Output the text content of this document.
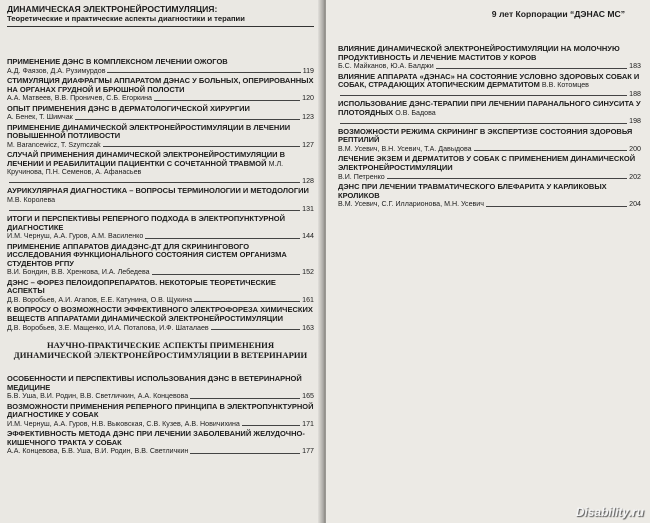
ДИНАМИЧЕСКАЯ ЭЛЕКТРОНЕЙРОСТИМУЛЯЦИЯ:
Теоретические и практические аспекты диагностики и терапии
ПРИМЕНЕНИЕ ДЭНС В КОМПЛЕКСНОМ ЛЕЧЕНИИ ОЖОГОВ
А.Д. Фаязов, Д.А. Рузимурдов	119
СТИМУЛЯЦИЯ ДИАФРАГМЫ АППАРАТОМ ДЭНАС У БОЛЬНЫХ, ОПЕРИРОВАННЫХ НА ОРГАНАХ ГРУДНОЙ И БРЮШНОЙ ПОЛОСТИ
А.А. Матвеев, В.В. Проничев, С.Б. Егоркина	120
ОПЫТ ПРИМЕНЕНИЯ ДЭНС В ДЕРМАТОЛОГИЧЕСКОЙ ХИРУРГИИ
А. Бенек, Т. Шимчак	123
ПРИМЕНЕНИЕ ДИНАМИЧЕСКОЙ ЭЛЕКТРОНЕЙРОСТИМУЛЯЦИИ В ЛЕЧЕНИИ ПОВЫШЕННОЙ ПОТЛИВОСТИ
M. Barancewicz, T. Szymczak	127
СЛУЧАЙ ПРИМЕНЕНИЯ ДИНАМИЧЕСКОЙ ЭЛЕКТРОНЕЙРОСТИМУЛЯЦИИ В ЛЕЧЕНИИ И РЕАБИЛИТАЦИИ ПАЦИЕНТКИ С СОЧЕТАННОЙ ТРАВМОЙ М.Л. Кручинова, П.Н. Семенов, А. Афанасьев
128
АУРИКУЛЯРНАЯ ДИАГНОСТИКА – ВОПРОСЫ ТЕРМИНОЛОГИИ И МЕТОДОЛОГИИ М.В. Королева
131
ИТОГИ И ПЕРСПЕКТИВЫ РЕПЕРНОГО ПОДХОДА В ЭЛЕКТРОПУНКТУРНОЙ ДИАГНОСТИКЕ
И.М. Чернуш, А.А. Гуров, А.М. Василенко	144
ПРИМЕНЕНИЕ АППАРАТОВ ДИАДЭНС-ДТ ДЛЯ СКРИНИНГОВОГО ИССЛЕДОВАНИЯ ФУНКЦИОНАЛЬНОГО СОСТОЯНИЯ СИСТЕМ ОРГАНИЗМА СТУДЕНТОВ РГПУ
В.И. Бондин, В.В. Хренкова, И.А. Лебедева	152
ДЭНС – ФОРЕЗ ПЕЛОИДОПРЕПАРАТОВ. НЕКОТОРЫЕ ТЕОРЕТИЧЕСКИЕ АСПЕКТЫ
Д.В. Воробьев, А.И. Агапов, Е.Е. Катунина, О.В. Щукина	161
К ВОПРОСУ О ВОЗМОЖНОСТИ ЭФФЕКТИВНОГО ЭЛЕКТРОФОРЕЗА ХИМИЧЕСКИХ ВЕЩЕСТВ АППАРАТАМИ ДИНАМИЧЕСКОЙ ЭЛЕКТРОНЕЙРОСТИМУЛЯЦИИ
Д.В. Воробьев, З.Е. Мащенко, И.А. Потапова, И.Ф. Шаталаев	163
НАУЧНО-ПРАКТИЧЕСКИЕ АСПЕКТЫ ПРИМЕНЕНИЯ ДИНАМИЧЕСКОЙ ЭЛЕКТРОНЕЙРОСТИМУЛЯЦИИ В ВЕТЕРИНАРИИ
ОСОБЕННОСТИ И ПЕРСПЕКТИВЫ ИСПОЛЬЗОВАНИЯ ДЭНС В ВЕТЕРИНАРНОЙ МЕДИЦИНЕ
Б.В. Уша, В.И. Родин, В.В. Светличкин, А.А. Концевова	165
ВОЗМОЖНОСТИ ПРИМЕНЕНИЯ РЕПЕРНОГО ПРИНЦИПА В ЭЛЕКТРОПУНКТУРНОЙ ДИАГНОСТИКЕ У СОБАК
И.М. Чернуш, А.А. Гуров, Н.В. Выковская, С.В. Кузев, А.В. Новичихина	171
ЭФФЕКТИВНОСТЬ МЕТОДА ДЭНС ПРИ ЛЕЧЕНИИ ЗАБОЛЕВАНИЙ ЖЕЛУДОЧНО-КИШЕЧНОГО ТРАКТА У СОБАК
А.А. Концевова, Б.В. Уша, В.И. Родин, В.В. Светличкин	177
9 лет Корпорации “ДЭНАС МС”
ВЛИЯНИЕ ДИНАМИЧЕСКОЙ ЭЛЕКТРОНЕЙРОСТИМУЛЯЦИИ НА МОЛОЧНУЮ ПРОДУКТИВНОСТЬ И ЛЕЧЕНИЕ МАСТИТОВ У КОРОВ
Б.С. Майканов, Ю.А. Балджи	183
ВЛИЯНИЕ АППАРАТА «ДЭНАС» НА СОСТОЯНИЕ УСЛОВНО ЗДОРОВЫХ СОБАК И СОБАК, СТРАДАЮЩИХ АТОПИЧЕСКИМ ДЕРМАТИТОМ В.В. Котомцев
188
ИСПОЛЬЗОВАНИЕ ДЭНС-ТЕРАПИИ ПРИ ЛЕЧЕНИИ ПАРАНАЛЬНОГО СИНУСИТА У ПЛОТОЯДНЫХ О.В. Бадова
198
ВОЗМОЖНОСТИ РЕЖИМА СКРИНИНГ В ЭКСПЕРТИЗЕ СОСТОЯНИЯ ЗДОРОВЬЯ РЕПТИЛИЙ
В.М. Усевич, В.Н. Усевич, Т.А. Давыдова	200
ЛЕЧЕНИЕ ЭКЗЕМ И ДЕРМАТИТОВ У СОБАК С ПРИМЕНЕНИЕМ ДИНАМИЧЕСКОЙ ЭЛЕКТРОНЕЙРОСТИМУЛЯЦИИ
В.И. Петренко	202
ДЭНС ПРИ ЛЕЧЕНИИ ТРАВМАТИЧЕСКОГО БЛЕФАРИТА У КАРЛИКОВЫХ КРОЛИКОВ
В.М. Усевич, С.Г. Илларионова, М.Н. Усевич	204
Disability.ru
